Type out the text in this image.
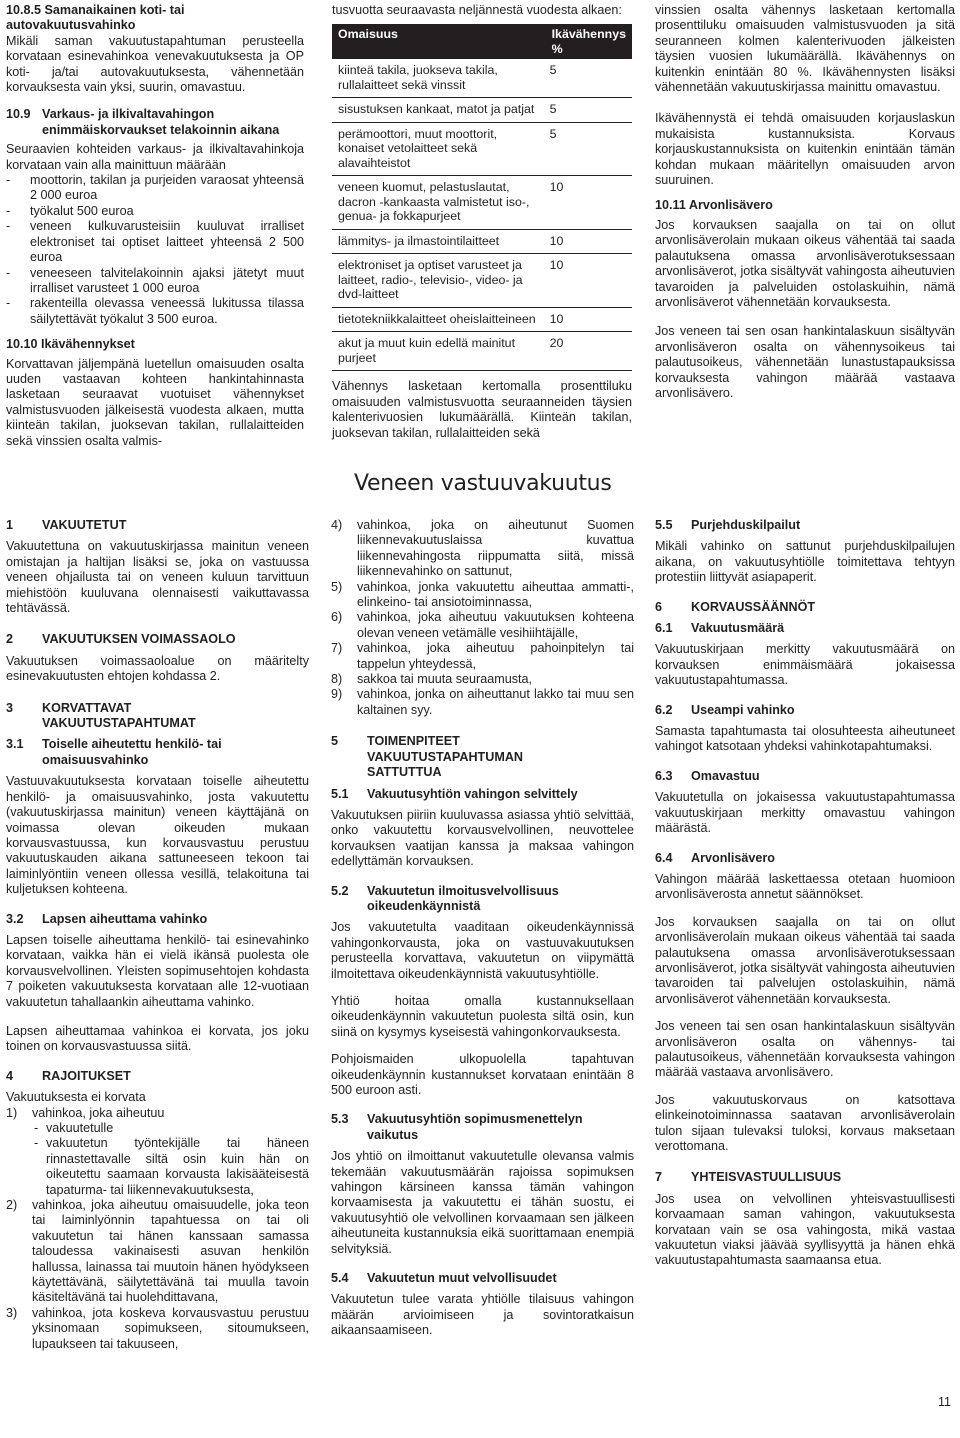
10.8.5 Samanaikainen koti- tai autovakuutusvahinko
Mikäli saman vakuutustapahtuman perusteella korvataan esinevahinkoa venevakuutuksesta ja OP koti- ja/tai autovakuutuksesta, vähennetään korvauksesta vain yksi, suurin, omavastuu.
10.9 Varkaus- ja ilkivaltavahingon enimmäiskorvaukset telakoinnin aikana
Seuraavien kohteiden varkaus- ja ilkivaltavahinkoja korvataan vain alla mainittuun määrään
-	moottorin, takilan ja purjeiden varaosat yhteensä 2 000 euroa
-	työkalut 500 euroa
-	veneen kulkuvarusteisiin kuuluvat irralliset elektroniset tai optiset laitteet yhteensä 2 500 euroa
-	veneeseen talvitelakoinnin ajaksi jätetyt muut irralliset varusteet 1 000 euroa
-	rakenteilla olevassa veneessä lukitussa tilassa säilytettävät työkalut 3 500 euroa.
10.10 Ikävähennykset
Korvattavan jäljempänä luetellun omaisuuden osalta uuden vastaavan kohteen hankintahinnasta lasketaan seuraavat vuotuiset vähennykset valmistusvuoden jälkeisestä vuodesta alkaen, mutta kiinteän takilan, juoksevan takilan, rullalaitteiden sekä vinssien osalta valmis-
tusvuotta seuraavasta neljännestä vuodesta alkaen:
Omaisuus	Ikävähennys %
kiinteä takila, juokseva takila, rullalaitteet sekä vinssit	5
sisustuksen kankaat, matot ja patjat	5
perämoottori, muut moottorit, konaiset vetolaitteet sekä alavaihteistot	5
veneen kuomut, pelastuslautat, dacron -kankaasta valmistetut iso-, genua- ja fokkapurjeet	10
lämmitys- ja ilmastointilaitteet	10
elektroniset ja optiset varusteet ja laitteet, radio-, televisio-, video- ja dvd-laitteet	10
tietotekniikkalaitteet oheislaitteineen	10
akut ja muut kuin edellä mainitut purjeet	20
Vähennys lasketaan kertomalla prosenttiluku omaisuuden valmistusvuotta seuraanneiden täysien kalenterivuosien lukumäärällä. Kiinteän takilan, juoksevan takilan, rullalaitteiden sekä
vinssien osalta vähennys lasketaan kertomalla prosenttiluku omaisuuden valmistusvuoden ja sitä seuranneen kolmen kalenterivuoden jälkeisten täysien vuosien lukumäärällä. Ikävähennys on kuitenkin enintään 80 %. Ikävähennysten lisäksi vähennetään vakuutuskirjassa mainittu omavastuu.
Ikävähennystä ei tehdä omaisuuden korjauslaskun mukaisista kustannuksista. Korvaus korjauskustannuksista on kuitenkin enintään tämän kohdan mukaan määritellyn omaisuuden arvon suuruinen.
10.11 Arvonlisävero
Jos korvauksen saajalla on tai on ollut arvonlisäverolain mukaan oikeus vähentää tai saada palautuksena omassa arvonlisäverotuksessaan arvonlisäverot, jotka sisältyvät vahingosta aiheutuvien tavaroiden ja palveluiden ostolaskuihin, nämä arvonlisäverot vähennetään korvauksesta.
Jos veneen tai sen osan hankintalaskuun sisältyvän arvonlisäveron osalta on vähennysoikeus tai palautusoikeus, vähennetään lunastustapauksissa korvauksesta vahingon määrää vastaava arvonlisävero.
Veneen vastuuvakuutus
1	VAKUUTETUT
Vakuutettuna on vakuutuskirjassa mainitun veneen omistajan ja haltijan lisäksi se, joka on vastuussa veneen ohjailusta tai on veneen kuluun tarvittuun miehistöön kuuluvana olennaisesti vaikuttavassa tehtävässä.
2	VAKUUTUKSEN VOIMASSAOLO
Vakuutuksen voimassaoloalue on määritelty esinevakuutusten ehtojen kohdassa 2.
3	KORVATTAVAT VAKUUTUSTAPAHTUMAT
3.1	Toiselle aiheutettu henkilö- tai omaisuusvahinko
Vastuuvakuutuksesta korvataan toiselle aiheutettu henkilö- ja omaisuusvahinko, josta vakuutettu (vakuutuskirjassa mainitun) veneen käyttäjänä on voimassa olevan oikeuden mukaan korvausvastuussa, kun korvausvastuu perustuu vakuutuskauden aikana sattuneeseen tekoon tai laiminlyöntiin veneen ollessa vesillä, telakoituna tai kuljetuksen kohteena.
3.2	Lapsen aiheuttama vahinko
Lapsen toiselle aiheuttama henkilö- tai esinevahinko korvataan, vaikka hän ei vielä ikänsä puolesta ole korvausvelvollinen. Yleisten sopimusehtojen kohdasta 7 poiketen vakuutuksesta korvataan alle 12-vuotiaan vakuutetun tahallaankin aiheuttama vahinko.
Lapsen aiheuttamaa vahinkoa ei korvata, jos joku toinen on korvausvastuussa siitä.
4	RAJOITUKSET
Vakuutuksesta ei korvata
1)	vahinkoa, joka aiheutuu
- vakuutetulle
- vakuutetun työntekijälle tai häneen rinnastettavalle siltä osin kuin hän on oikeutettu saamaan korvausta lakisääteisestä tapaturma- tai liikennevakuutuksesta,
2)	vahinkoa, joka aiheutuu omaisuudelle, joka teon tai laiminlyönnin tapahtuessa on tai oli vakuutetun tai hänen kanssaan samassa taloudessa vakinaisesti asuvan henkilön hallussa, lainassa tai muutoin hänen hyödykseen käytettävänä, säilytettävänä tai muulla tavoin käsiteltävänä tai huolehdittavana,
3)	vahinkoa, jota koskeva korvausvastuu perustuu yksinomaan sopimukseen, sitoumukseen, lupaukseen tai takuuseen,
4)	vahinkoa, joka on aiheutunut Suomen liikennevakuutuslaissa kuvattua liikennevahingosta riippumatta siitä, missä liikennevahinko on sattunut,
5)	vahinkoa, jonka vakuutettu aiheuttaa ammatti-, elinkeino- tai ansiotoiminnassa,
6)	vahinkoa, joka aiheutuu vakuutuksen kohteena olevan veneen vetämälle vesihiihtäjälle,
7)	vahinkoa, joka aiheutuu pahoinpitelyn tai tappelun yhteydessä,
8)	sakkoa tai muuta seuraamusta,
9)	vahinkoa, jonka on aiheuttanut lakko tai muu sen kaltainen syy.
5	TOIMENPITEET VAKUUTUSTAPAHTUMAN SATTUTTUA
5.1	Vakuutusyhtiön vahingon selvittely
Vakuutuksen piiriin kuuluvassa asiassa yhtiö selvittää, onko vakuutettu korvausvelvollinen, neuvottelee korvauksen vaatijan kanssa ja maksaa vahingon edellyttämän korvauksen.
5.2	Vakuutetun ilmoitusvelvollisuus oikeudenkäynnistä
Jos vakuutetulta vaaditaan oikeudenkäynnissä vahingonkorvausta, joka on vastuuvakuutuksen perusteella korvattava, vakuutetun on viipymättä ilmoitettava oikeudenkäynnistä vakuutusyhtiölle.
Yhtiö hoitaa omalla kustannuksellaan oikeudenkäynnin vakuutetun puolesta siltä osin, kun siinä on kysymys kyseisestä vahingonkorvauksesta.
Pohjoismaiden ulkopuolella tapahtuvan oikeudenkäynnin kustannukset korvataan enintään 8 500 euroon asti.
5.3	Vakuutusyhtiön sopimusmenettelyn vaikutus
Jos yhtiö on ilmoittanut vakuutetulle olevansa valmis tekemään vakuutusmäärän rajoissa sopimuksen vahingon kärsineen kanssa tämän vahingon korvaamisesta ja vakuutettu ei tähän suostu, ei vakuutusyhtiö ole velvollinen korvaamaan sen jälkeen aiheutuneita kustannuksia eikä suorittamaan enempiä selvityksiä.
5.4	Vakuutetun muut velvollisuudet
Vakuutetun tulee varata yhtiölle tilaisuus vahingon määrän arvioimiseen ja sovintoratkaisun aikaansaamiseen.
5.5	Purjehduskilpailut
Mikäli vahinko on sattunut purjehduskilpailujen aikana, on vakuutusyhtiölle toimitettava tehtyyn protestiin liittyvät asiapaperit.
6	KORVAUSSÄÄNNÖT
6.1	Vakuutusmäärä
Vakuutuskirjaan merkitty vakuutusmäärä on korvauksen enimmäismäärä jokaisessa vakuutustapahtumassa.
6.2	Useampi vahinko
Samasta tapahtumasta tai olosuhteesta aiheutuneet vahingot katsotaan yhdeksi vahinkotapahtumaksi.
6.3	Omavastuu
Vakuutetulla on jokaisessa vakuutustapahtumassa vakuutuskirjaan merkitty omavastuu vahingon määrästä.
6.4	Arvonlisävero
Vahingon määrää laskettaessa otetaan huomioon arvonlisäverosta annetut säännökset.
Jos korvauksen saajalla on tai on ollut arvonlisäverolain mukaan oikeus vähentää tai saada palautuksena omassa arvonlisäverotuksessaan arvonlisäverot, jotka sisältyvät vahingosta aiheutuvien tavaroiden tai palvelujen ostolaskuihin, nämä arvonlisäverot vähennetään korvauksesta.
Jos veneen tai sen osan hankintalaskuun sisältyvän arvonlisäveron osalta on vähennys- tai palautusoikeus, vähennetään korvauksesta vahingon määrää vastaava arvonlisävero.
Jos vakuutuskorvaus on katsottava elinkeinotoiminnassa saatavan arvonlisäverolain tulon sijaan tulevaksi tuloksi, korvaus maksetaan verottomana.
7	YHTEISVASTUULLISUUS
Jos usea on velvollinen yhteisvastuullisesti korvaamaan saman vahingon, vakuutuksesta korvataan vain se osa vahingosta, mikä vastaa vakuutetun viaksi jäävää syyllisyyttä ja hänen ehkä vakuutustapahtumasta saamaansa etua.
11
